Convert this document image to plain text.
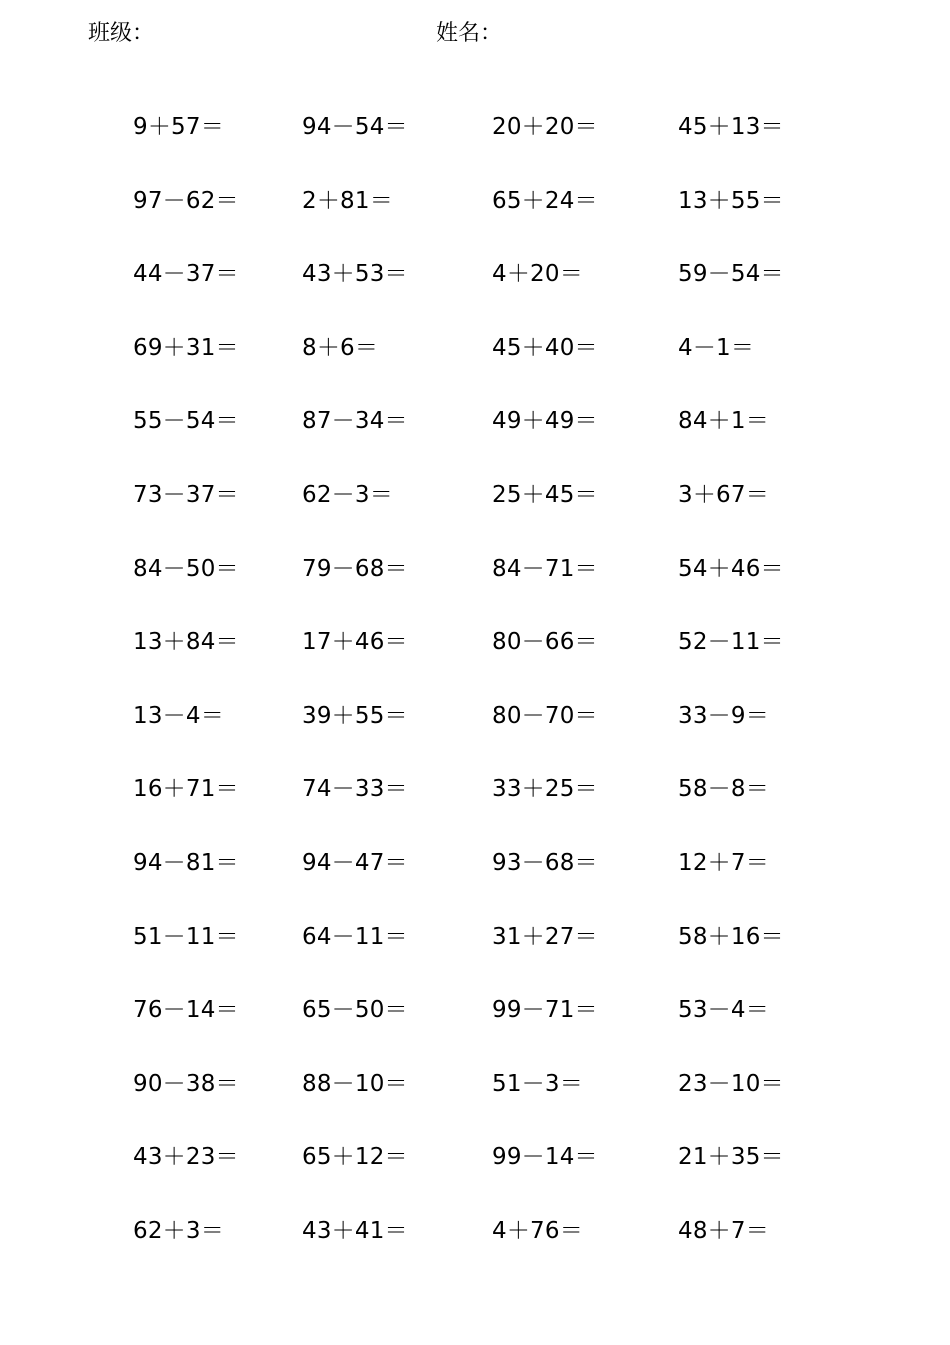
班级：	姓名：
9＋57＝	94－54＝	20＋20＝	45＋13＝
97－62＝	2＋81＝	65＋24＝	13＋55＝
44－37＝	43＋53＝	4＋20＝	59－54＝
69＋31＝	8＋6＝	45＋40＝	4－1＝
55－54＝	87－34＝	49＋49＝	84＋1＝
73－37＝	62－3＝	25＋45＝	3＋67＝
84－50＝	79－68＝	84－71＝	54＋46＝
13＋84＝	17＋46＝	80－66＝	52－11＝
13－4＝	39＋55＝	80－70＝	33－9＝
16＋71＝	74－33＝	33＋25＝	58－8＝
94－81＝	94－47＝	93－68＝	12＋7＝
51－11＝	64－11＝	31＋27＝	58＋16＝
76－14＝	65－50＝	99－71＝	53－4＝
90－38＝	88－10＝	51－3＝	23－10＝
43＋23＝	65＋12＝	99－14＝	21＋35＝
62＋3＝	43＋41＝	4＋76＝	48＋7＝
